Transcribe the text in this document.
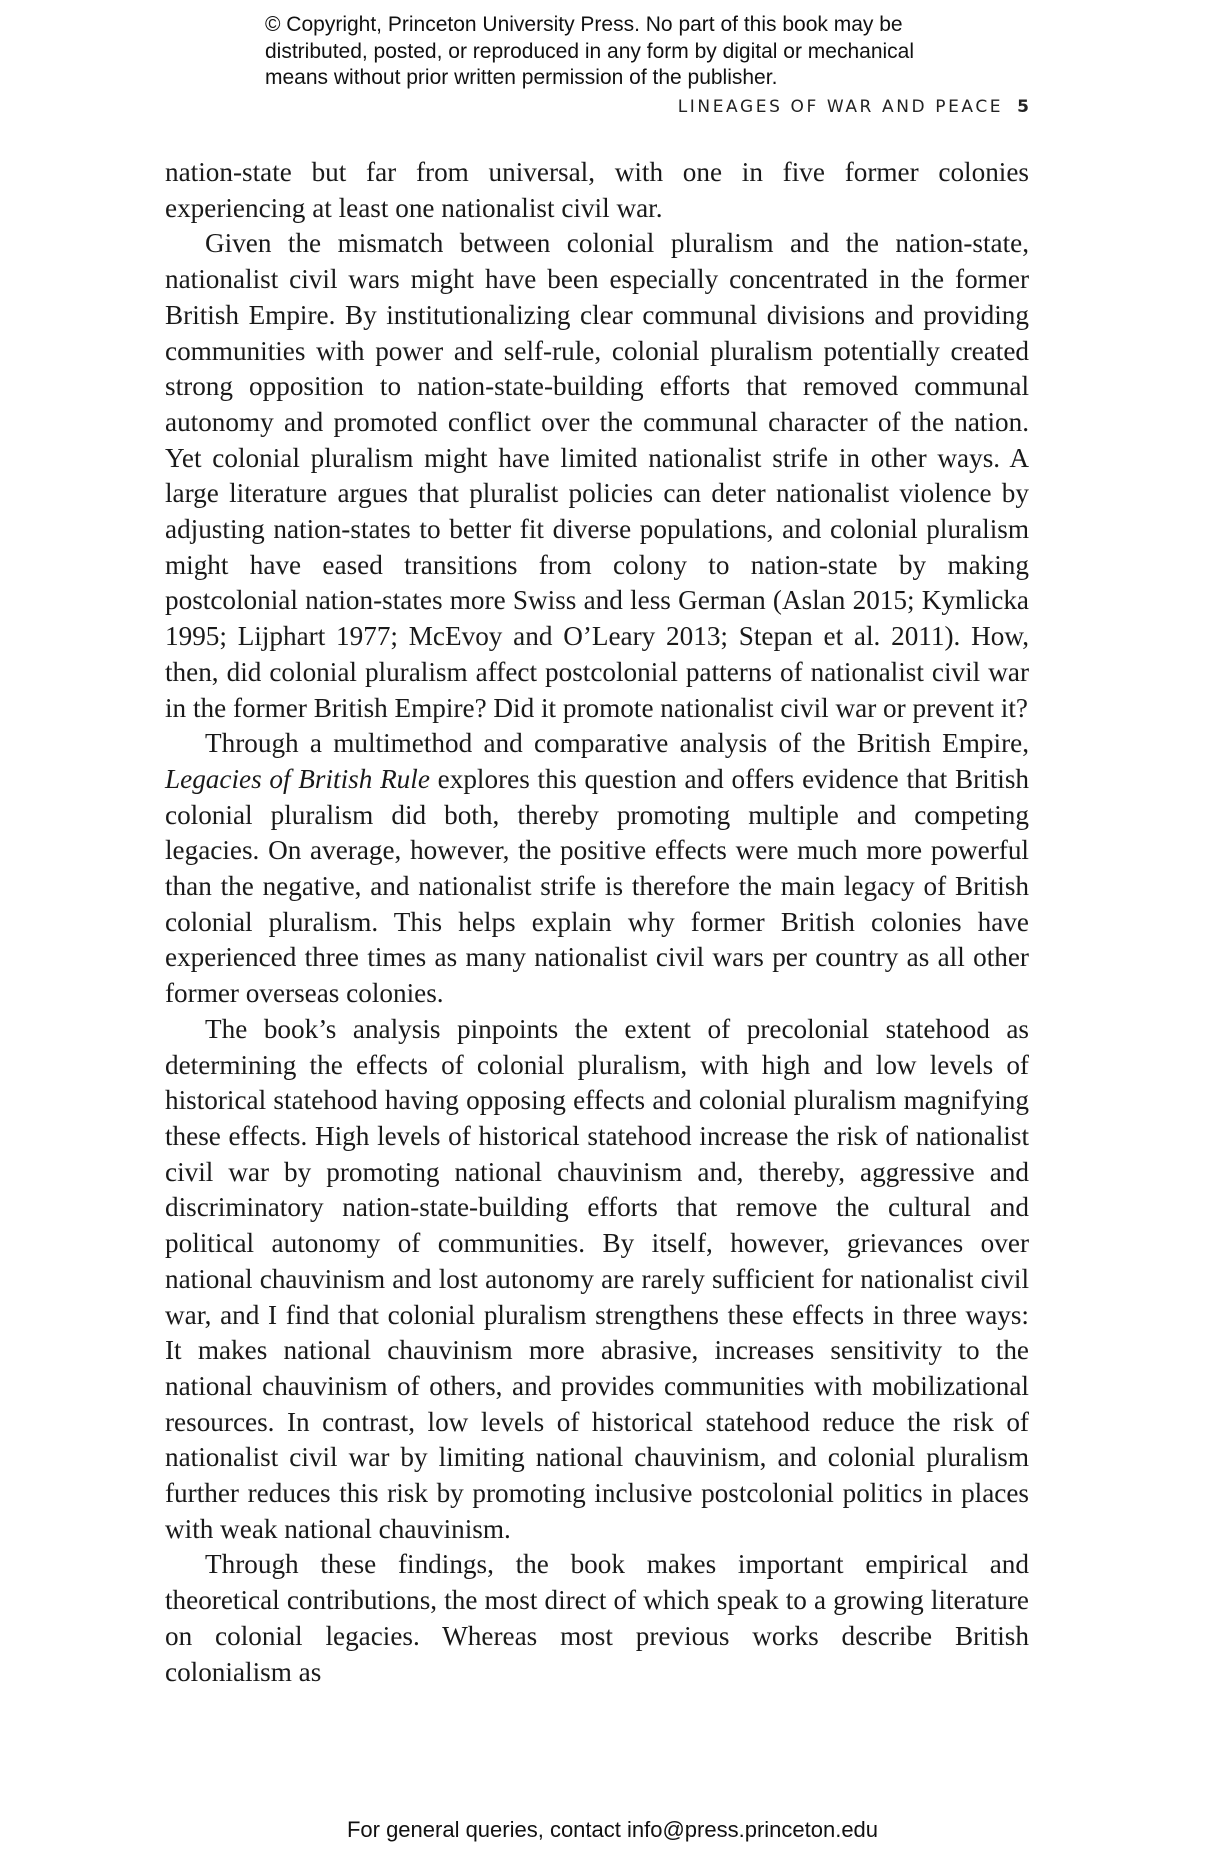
© Copyright, Princeton University Press. No part of this book may be
distributed, posted, or reproduced in any form by digital or mechanical
means without prior written permission of the publisher.
LINEAGES OF WAR AND PEACE 5

nation-state but far from universal, with one in five former colonies experiencing at least one nationalist civil war.

Given the mismatch between colonial pluralism and the nation-state, nationalist civil wars might have been especially concentrated in the former British Empire. By institutionalizing clear communal divisions and providing communities with power and self-rule, colonial pluralism potentially created strong opposition to nation-state-building efforts that removed communal autonomy and promoted conflict over the communal character of the nation. Yet colonial pluralism might have limited nationalist strife in other ways. A large literature argues that pluralist policies can deter nationalist violence by adjusting nation-states to better fit diverse populations, and colonial pluralism might have eased transitions from colony to nation-state by making postcolonial nation-states more Swiss and less German (Aslan 2015; Kymlicka 1995; Lijphart 1977; McEvoy and O’Leary 2013; Stepan et al. 2011). How, then, did colonial pluralism affect postcolonial patterns of nationalist civil war in the former British Empire? Did it promote nationalist civil war or prevent it?

Through a multimethod and comparative analysis of the British Empire, Legacies of British Rule explores this question and offers evidence that British colonial pluralism did both, thereby promoting multiple and competing legacies. On average, however, the positive effects were much more powerful than the negative, and nationalist strife is therefore the main legacy of British colonial pluralism. This helps explain why former British colonies have experienced three times as many nationalist civil wars per country as all other former overseas colonies.

The book’s analysis pinpoints the extent of precolonial statehood as determining the effects of colonial pluralism, with high and low levels of historical statehood having opposing effects and colonial pluralism magnifying these effects. High levels of historical statehood increase the risk of nationalist civil war by promoting national chauvinism and, thereby, aggressive and discriminatory nation-state-building efforts that remove the cultural and political autonomy of communities. By itself, however, grievances over national chauvinism and lost autonomy are rarely sufficient for nationalist civil war, and I find that colonial pluralism strengthens these effects in three ways: It makes national chauvinism more abrasive, increases sensitivity to the national chauvinism of others, and provides communities with mobilizational resources. In contrast, low levels of historical statehood reduce the risk of nationalist civil war by limiting national chauvinism, and colonial pluralism further reduces this risk by promoting inclusive postcolonial politics in places with weak national chauvinism.

Through these findings, the book makes important empirical and theoretical contributions, the most direct of which speak to a growing literature on colonial legacies. Whereas most previous works describe British colonialism as

For general queries, contact info@press.princeton.edu
